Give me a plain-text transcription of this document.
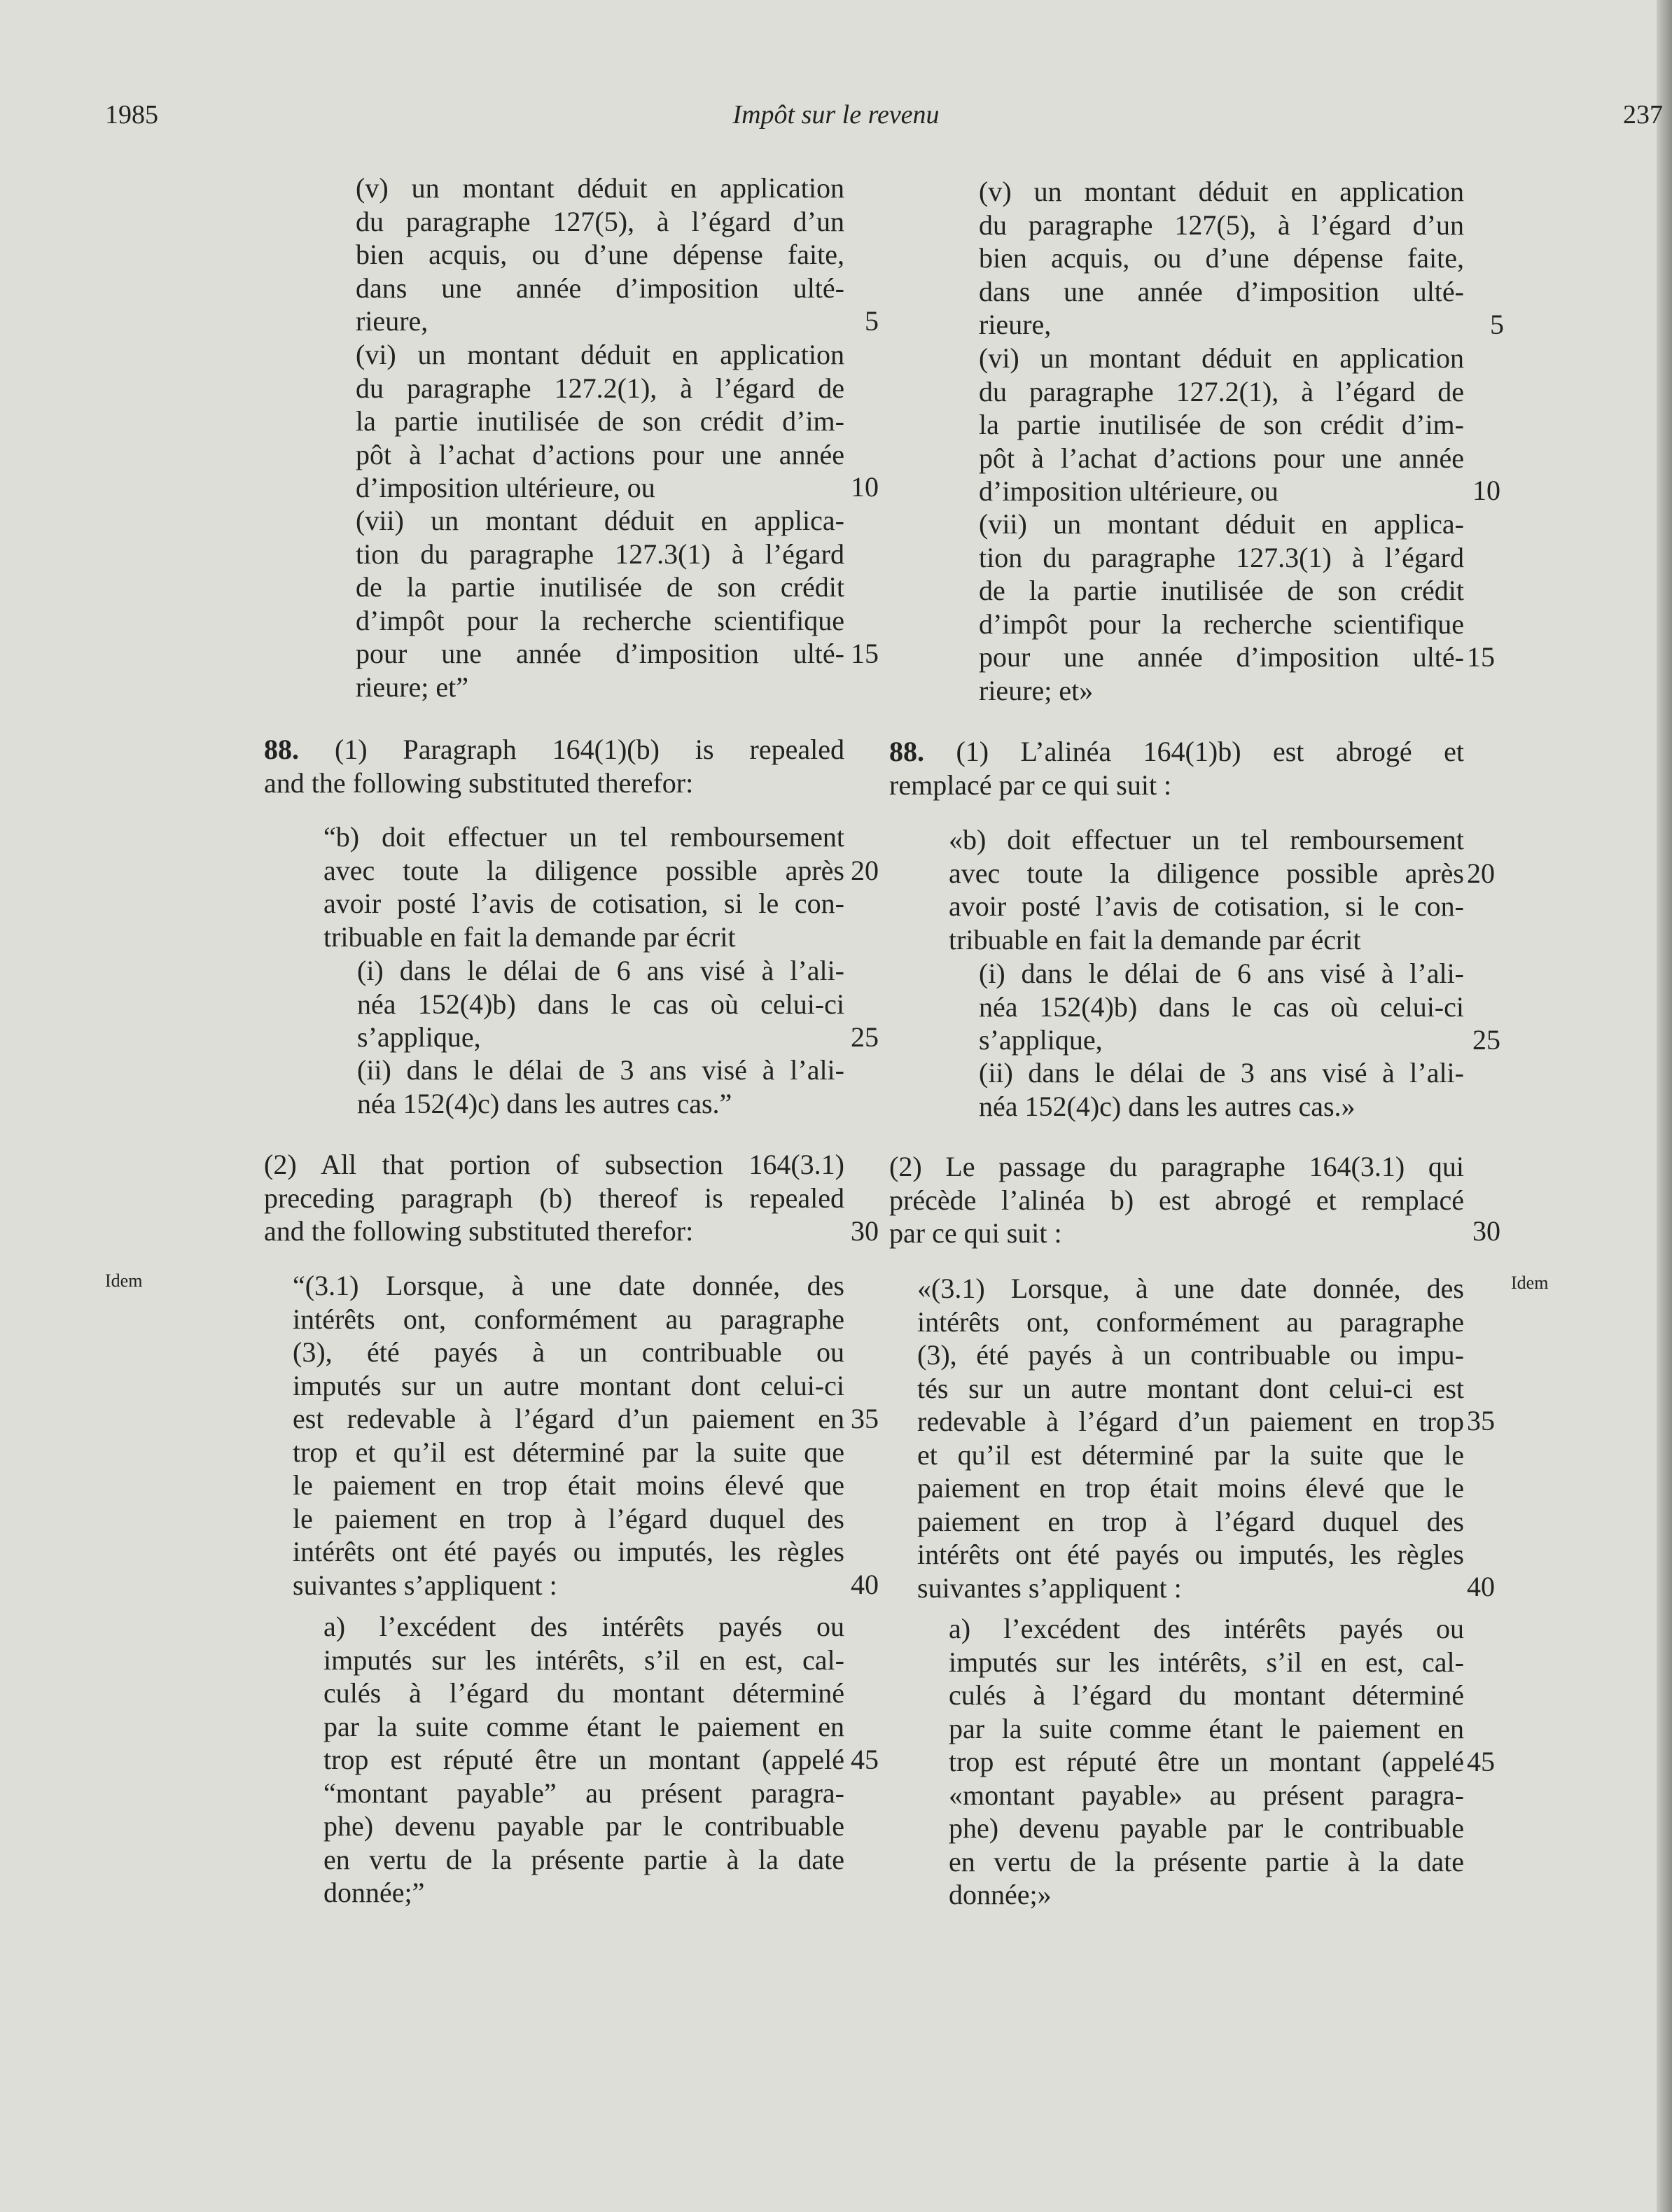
1985	Impôt sur le revenu	237
Idem	Idem
(v) un montant déduit en application
du paragraphe 127(5), à l’égard d’un
bien acquis, ou d’une dépense faite,
dans une année d’imposition ulté-
rieure,
(vi) un montant déduit en application
du paragraphe 127.2(1), à l’égard de
la partie inutilisée de son crédit d’im-
pôt à l’achat d’actions pour une année
d’imposition ultérieure, ou
(vii) un montant déduit en applica-
tion du paragraphe 127.3(1) à l’égard
de la partie inutilisée de son crédit
d’impôt pour la recherche scientifique
pour une année d’imposition ulté-
rieure; et”
88. (1) Paragraph 164(1)(b) is repealed
and the following substituted therefor:
“b) doit effectuer un tel remboursement
avec toute la diligence possible après
avoir posté l’avis de cotisation, si le con-
tribuable en fait la demande par écrit
(i) dans le délai de 6 ans visé à l’ali-
néa 152(4)b) dans le cas où celui-ci
s’applique,
(ii) dans le délai de 3 ans visé à l’ali-
néa 152(4)c) dans les autres cas.”
(2) All that portion of subsection 164(3.1)
preceding paragraph (b) thereof is repealed
and the following substituted therefor:
“(3.1) Lorsque, à une date donnée, des
intérêts ont, conformément au paragraphe
(3), été payés à un contribuable ou
imputés sur un autre montant dont celui-ci
est redevable à l’égard d’un paiement en
trop et qu’il est déterminé par la suite que
le paiement en trop était moins élevé que
le paiement en trop à l’égard duquel des
intérêts ont été payés ou imputés, les règles
suivantes s’appliquent :
a) l’excédent des intérêts payés ou
imputés sur les intérêts, s’il en est, cal-
culés à l’égard du montant déterminé
par la suite comme étant le paiement en
trop est réputé être un montant (appelé
“montant payable” au présent paragra-
phe) devenu payable par le contribuable
en vertu de la présente partie à la date
donnée;”
(v) un montant déduit en application
du paragraphe 127(5), à l’égard d’un
bien acquis, ou d’une dépense faite,
dans une année d’imposition ulté-
rieure,
(vi) un montant déduit en application
du paragraphe 127.2(1), à l’égard de
la partie inutilisée de son crédit d’im-
pôt à l’achat d’actions pour une année
d’imposition ultérieure, ou
(vii) un montant déduit en applica-
tion du paragraphe 127.3(1) à l’égard
de la partie inutilisée de son crédit
d’impôt pour la recherche scientifique
pour une année d’imposition ulté-
rieure; et»
88. (1) L’alinéa 164(1)b) est abrogé et
remplacé par ce qui suit :
«b) doit effectuer un tel remboursement
avec toute la diligence possible après
avoir posté l’avis de cotisation, si le con-
tribuable en fait la demande par écrit
(i) dans le délai de 6 ans visé à l’ali-
néa 152(4)b) dans le cas où celui-ci
s’applique,
(ii) dans le délai de 3 ans visé à l’ali-
néa 152(4)c) dans les autres cas.»
(2) Le passage du paragraphe 164(3.1) qui
précède l’alinéa b) est abrogé et remplacé
par ce qui suit :
«(3.1) Lorsque, à une date donnée, des
intérêts ont, conformément au paragraphe
(3), été payés à un contribuable ou impu-
tés sur un autre montant dont celui-ci est
redevable à l’égard d’un paiement en trop
et qu’il est déterminé par la suite que le
paiement en trop était moins élevé que le
paiement en trop à l’égard duquel des
intérêts ont été payés ou imputés, les règles
suivantes s’appliquent :
a) l’excédent des intérêts payés ou
imputés sur les intérêts, s’il en est, cal-
culés à l’égard du montant déterminé
par la suite comme étant le paiement en
trop est réputé être un montant (appelé
«montant payable» au présent paragra-
phe) devenu payable par le contribuable
en vertu de la présente partie à la date
donnée;»
5
10
15
20
25
30
35
40
45
5
10
15
20
25
30
35
40
45
